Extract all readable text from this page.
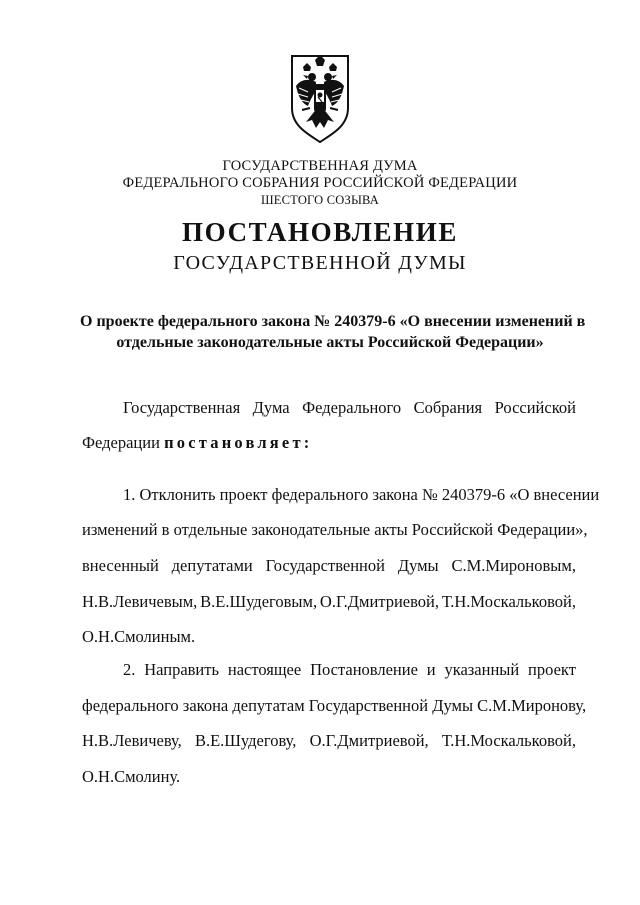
ГОСУДАРСТВЕННАЯ ДУМА
ФЕДЕРАЛЬНОГО СОБРАНИЯ РОССИЙСКОЙ ФЕДЕРАЦИИ
ШЕСТОГО СОЗЫВА
ПОСТАНОВЛЕНИЕ
ГОСУДАРСТВЕННОЙ ДУМЫ
О проекте федерального закона № 240379-6 «О внесении изменений в
отдельные законодательные акты Российской Федерации»
Государственная Дума Федерального Собрания Российской
Федерации постановляет:
1. Отклонить проект федерального закона № 240379-6 «О внесении
изменений в отдельные законодательные акты Российской Федерации»,
внесенный депутатами Государственной Думы С.М.Мироновым,
Н.В.Левичевым, В.Е.Шудеговым, О.Г.Дмитриевой, Т.Н.Москальковой,
О.Н.Смолиным.
2. Направить настоящее Постановление и указанный проект
федерального закона депутатам Государственной Думы С.М.Миронову,
Н.В.Левичеву, В.Е.Шудегову, О.Г.Дмитриевой, Т.Н.Москальковой,
О.Н.Смолину.
